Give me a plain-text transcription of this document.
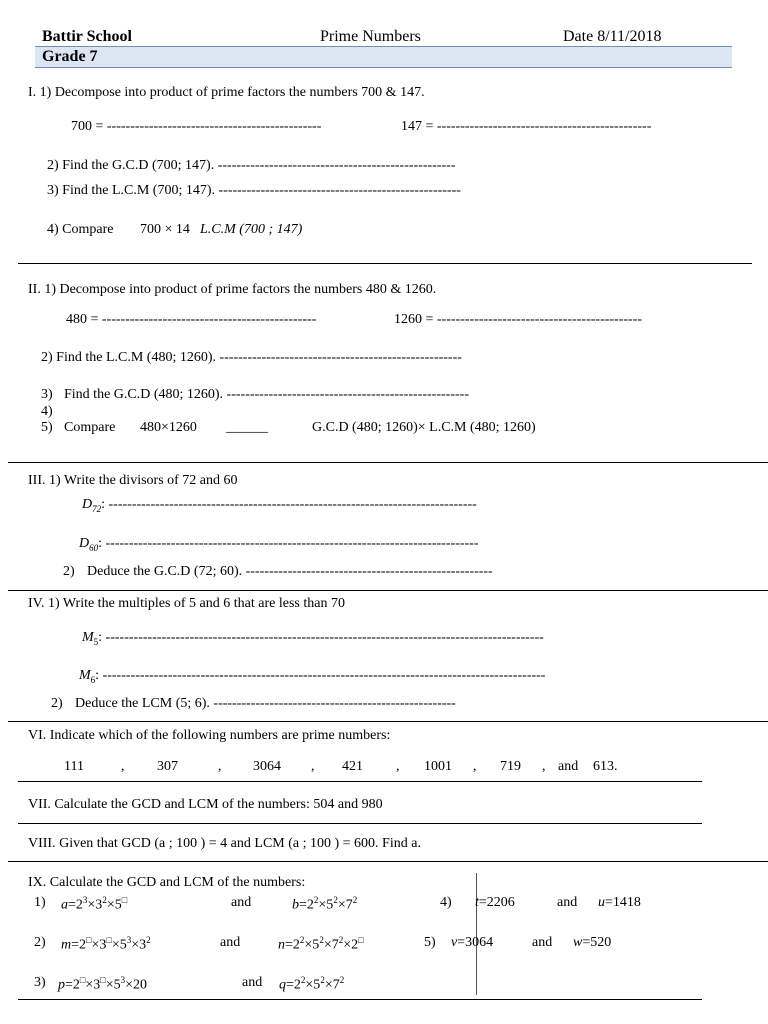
Battir School	Prime Numbers	Date 8/11/2018
Grade 7
I. 1) Decompose into product of prime factors the numbers 700 & 147.
700 = ----------------------------------------------	147 = ----------------------------------------------
2) Find the G.C.D (700; 147). ---------------------------------------------------
3) Find the L.C.M (700; 147). ----------------------------------------------------
4) Compare 700 × 14 L.C.M (700 ; 147)
II. 1) Decompose into product of prime factors the numbers 480 & 1260.
480 = ----------------------------------------------	1260 = --------------------------------------------
2) Find the L.C.M (480; 1260). ----------------------------------------------------
3) Find the G.C.D (480; 1260). ----------------------------------------------------
4)
5) Compare 480×1260 ______	G.C.D (480; 1260)× L.C.M (480; 1260)
III. 1) Write the divisors of 72 and 60
$D_{72}$: -------------------------------------------------------------------------------
$D_{60}$: --------------------------------------------------------------------------------
2) Deduce the G.C.D (72; 60). -----------------------------------------------------
IV. 1) Write the multiples of 5 and 6 that are less than 70
$M_5$: ----------------------------------------------------------------------------------------------
$M_6$: -----------------------------------------------------------------------------------------------
2) Deduce the LCM (5; 6). ----------------------------------------------------
VI. Indicate which of the following numbers are prime numbers:
111	, 307	, 3064 , 421 , 1001 , 719 , and 613.
VII. Calculate the GCD and LCM of the numbers: 504 and 980
VIII. Given that GCD (a ; 100 ) = 4 and LCM (a ; 100 ) = 600. Find a.
IX. Calculate the GCD and LCM of the numbers:
1) $a=2^3\times 3^2\times 5^□$	and	$b=2^2\times 5^2\times 7^2$	4) t=2206	and u=1418
2) $m=2^□\times 3^□\times 5^3\times 3^2$	and	$n=2^2\times 5^2\times 7^2\times 2^□$	5) v=3064	and w=520
3) $p=2^□\times 3^□\times 5^3\times 20$	and $q=2^2\times 5^2\times 7^2$
